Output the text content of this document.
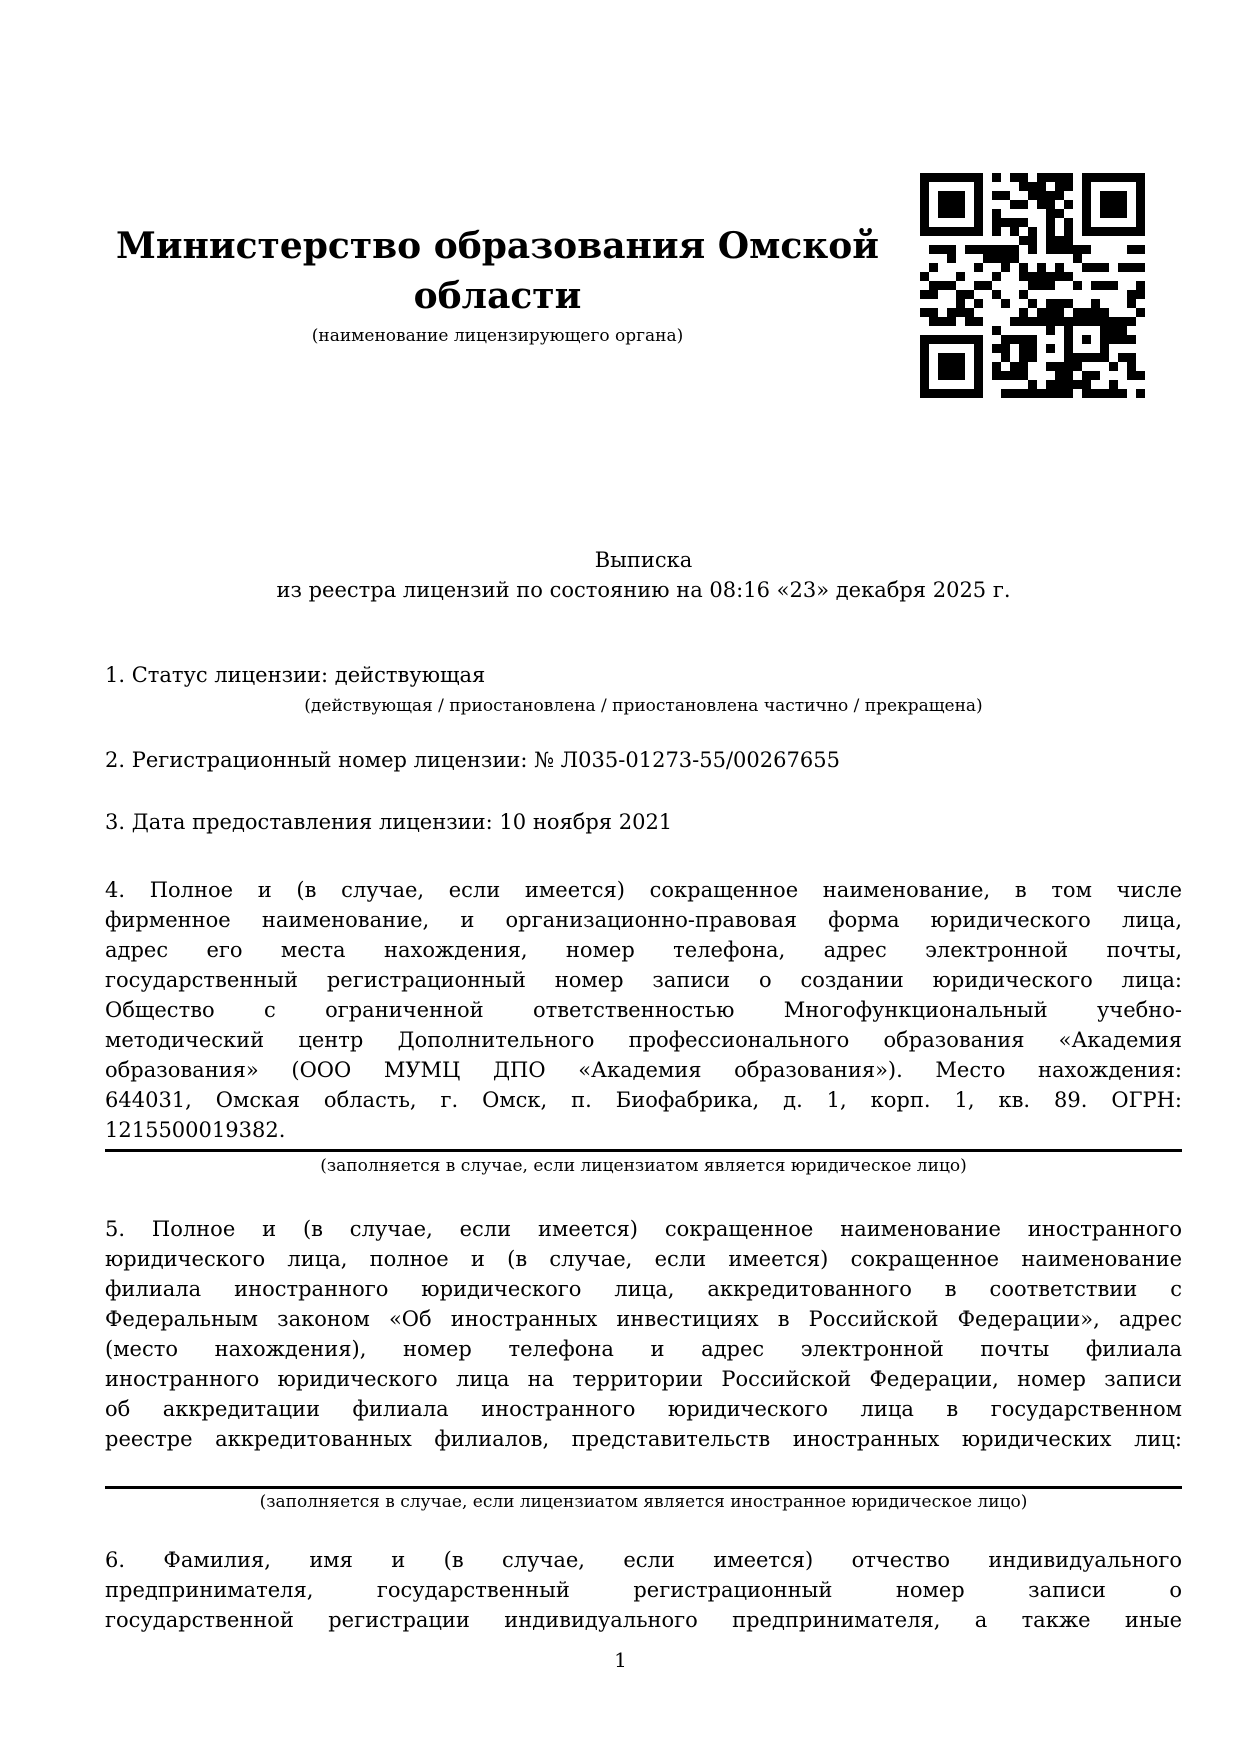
Министерство образования Омской
области
(наименование лицензирующего органа)
Выписка
из реестра лицензий по состоянию на 08:16 «23» декабря 2025 г.
1. Статус лицензии: действующая
(действующая / приостановлена / приостановлена частично / прекращена)
2. Регистрационный номер лицензии: № Л035-01273-55/00267655
3. Дата предоставления лицензии: 10 ноября 2021
4. Полное и (в случае, если имеется) сокращенное наименование, в том числе
фирменное наименование, и организационно-правовая форма юридического лица,
адрес его места нахождения, номер телефона, адрес электронной почты,
государственный регистрационный номер записи о создании юридического лица:
Общество с ограниченной ответственностью Многофункциональный учебно-
методический центр Дополнительного профессионального образования «Академия
образования» (ООО МУМЦ ДПО «Академия образования»). Место нахождения:
644031, Омская область, г. Омск, п. Биофабрика, д. 1, корп. 1, кв. 89. ОГРН:
1215500019382.
(заполняется в случае, если лицензиатом является юридическое лицо)
5. Полное и (в случае, если имеется) сокращенное наименование иностранного
юридического лица, полное и (в случае, если имеется) сокращенное наименование
филиала иностранного юридического лица, аккредитованного в соответствии с
Федеральным законом «Об иностранных инвестициях в Российской Федерации», адрес
(место нахождения), номер телефона и адрес электронной почты филиала
иностранного юридического лица на территории Российской Федерации, номер записи
об аккредитации филиала иностранного юридического лица в государственном
реестре аккредитованных филиалов, представительств иностранных юридических лиц:
(заполняется в случае, если лицензиатом является иностранное юридическое лицо)
6. Фамилия, имя и (в случае, если имеется) отчество индивидуального
предпринимателя, государственный регистрационный номер записи о
государственной регистрации индивидуального предпринимателя, а также иные
1
